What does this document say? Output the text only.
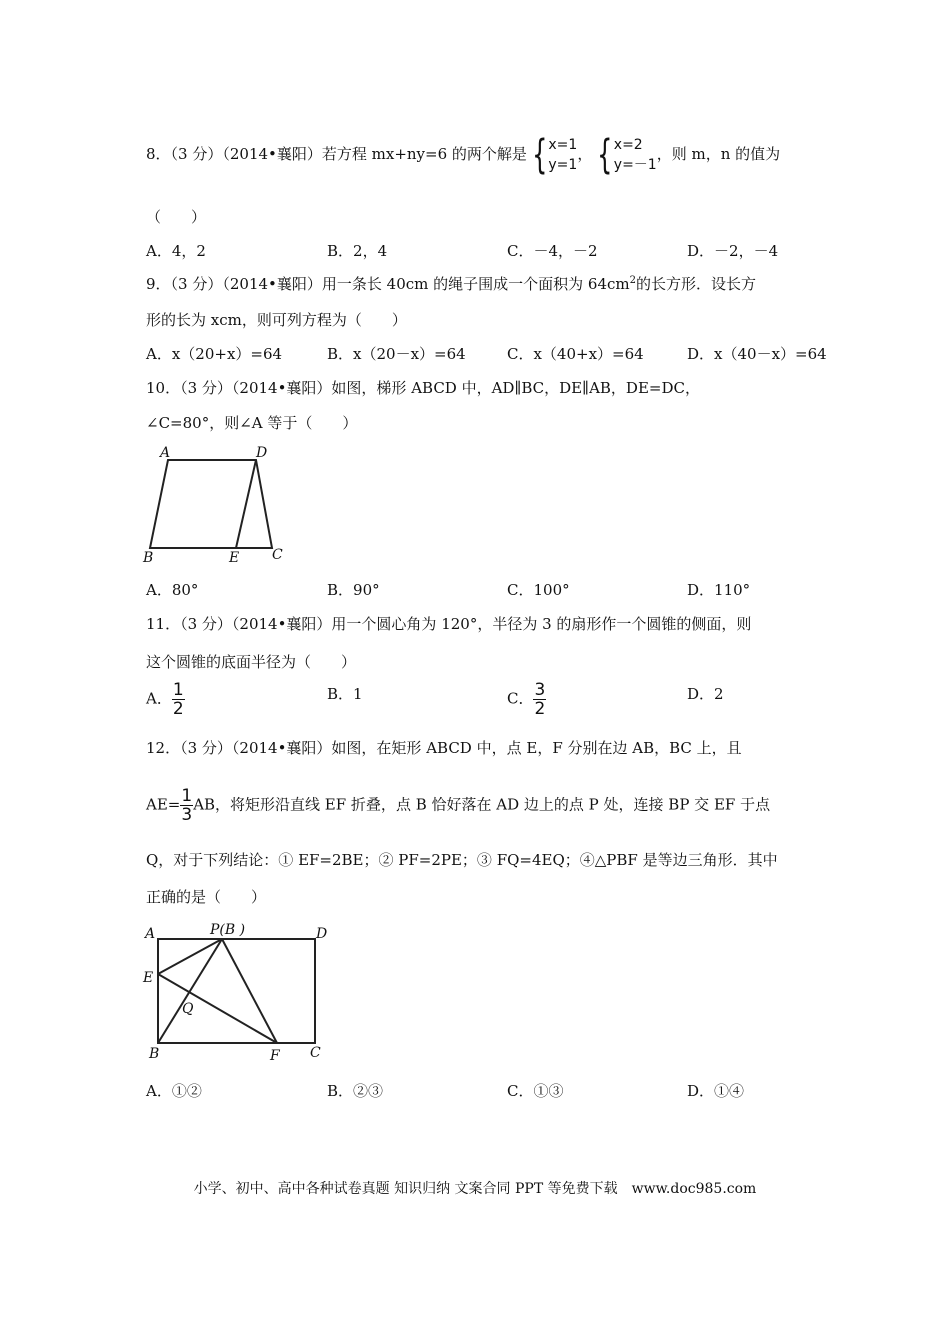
8．（3 分）（2014•襄阳）若方程 mx+ny=6 的两个解是 { x=1
y=1
， { x=2
y=－1
，则 m，n 的值为
（　　）
A．4，2	B．2，4	C．－4，－2	D．－2，－4
9．（3 分）（2014•襄阳）用一条长 40cm 的绳子围成一个面积为 $64cm^2$的长方形．设长方
形的长为 xcm，则可列方程为（　　）
A．x（20+x）=64	B．x（20－x）=64	C．x（40+x）=64	D．x（40－x）=64
10．（3 分）（2014•襄阳）如图，梯形 ABCD 中，AD∥BC，DE∥AB，DE=DC，
∠C=80°，则∠A 等于（　　）
A	D
B	E C
A．80°	B．90°	C．100°	D．110°
11．（3 分）（2014•襄阳）用一个圆心角为 120°，半径为 3 的扇形作一个圆锥的侧面，则
这个圆锥的底面半径为（　　）
A． $\frac{1}{2}$	B．1	C． $\frac{3}{2}$	D．2
12．（3 分）（2014•襄阳）如图，在矩形 ABCD 中，点 E，F 分别在边 AB，BC 上，且
$AE= \frac{1}{3}$ AB，将矩形沿直线 EF 折叠，点 B 恰好落在 AD 边上的点 P 处，连接 BP 交 EF 于点
Q，对于下列结论：① EF=2BE；② PF=2PE；③ FQ=4EQ；④△PBF 是等边三角形．其中
正确的是（　　）
A	P(B )	D
E
Q
B	F C
A．①②	B．②③	C．①③	D．①④
小学、初中、高中各种试卷真题 知识归纳 文案合同 PPT 等免费下载　www.doc985.com
